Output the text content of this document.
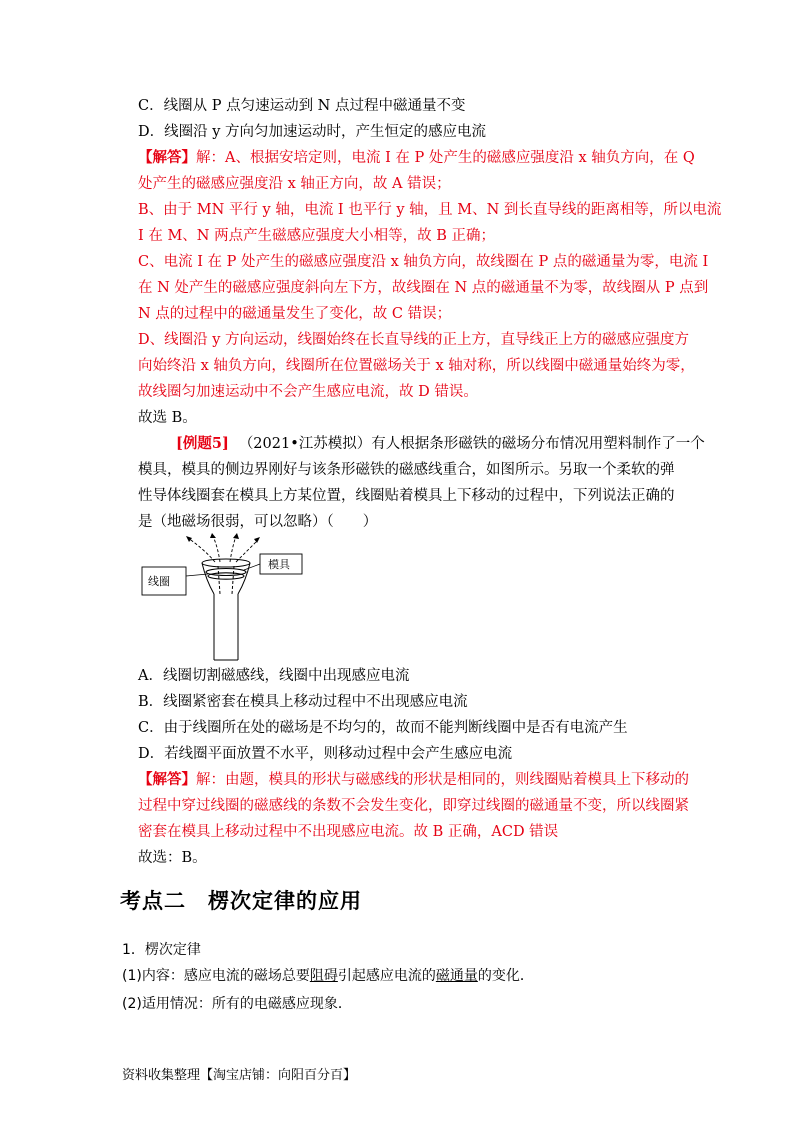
C．线圈从 P 点匀速运动到 N 点过程中磁通量不变
D．线圈沿 y 方向匀加速运动时，产生恒定的感应电流
【解答】解：A、根据安培定则，电流 I 在 P 处产生的磁感应强度沿 x 轴负方向，在 Q
处产生的磁感应强度沿 x 轴正方向，故 A 错误；
B、由于 MN 平行 y 轴，电流 I 也平行 y 轴，且 M、N 到长直导线的距离相等，所以电流
I 在 M、N 两点产生磁感应强度大小相等，故 B 正确；
C、电流 I 在 P 处产生的磁感应强度沿 x 轴负方向，故线圈在 P 点的磁通量为零，电流 I
在 N 处产生的磁感应强度斜向左下方，故线圈在 N 点的磁通量不为零，故线圈从 P 点到
N 点的过程中的磁通量发生了变化，故 C 错误；
D、线圈沿 y 方向运动，线圈始终在长直导线的正上方，直导线正上方的磁感应强度方
向始终沿 x 轴负方向，线圈所在位置磁场关于 x 轴对称，所以线圈中磁通量始终为零，
故线圈匀加速运动中不会产生感应电流，故 D 错误。
故选 B。
[例题5] （2021•江苏模拟）有人根据条形磁铁的磁场分布情况用塑料制作了一个
模具，模具的侧边界刚好与该条形磁铁的磁感线重合，如图所示。另取一个柔软的弹
性导体线圈套在模具上方某位置，线圈贴着模具上下移动的过程中，下列说法正确的
是（地磁场很弱，可以忽略）（　　）
线圈
模具
A．线圈切割磁感线，线圈中出现感应电流
B．线圈紧密套在模具上移动过程中不出现感应电流
C．由于线圈所在处的磁场是不均匀的，故而不能判断线圈中是否有电流产生
D．若线圈平面放置不水平，则移动过程中会产生感应电流
【解答】解：由题，模具的形状与磁感线的形状是相同的，则线圈贴着模具上下移动的
过程中穿过线圈的磁感线的条数不会发生变化，即穿过线圈的磁通量不变，所以线圈紧
密套在模具上移动过程中不出现感应电流。故 B 正确，ACD 错误
故选：B。
考点二 楞次定律的应用
1．楞次定律
(1)内容：感应电流的磁场总要阻碍引起感应电流的磁通量的变化．
(2)适用情况：所有的电磁感应现象．
资料收集整理【淘宝店铺：向阳百分百】
